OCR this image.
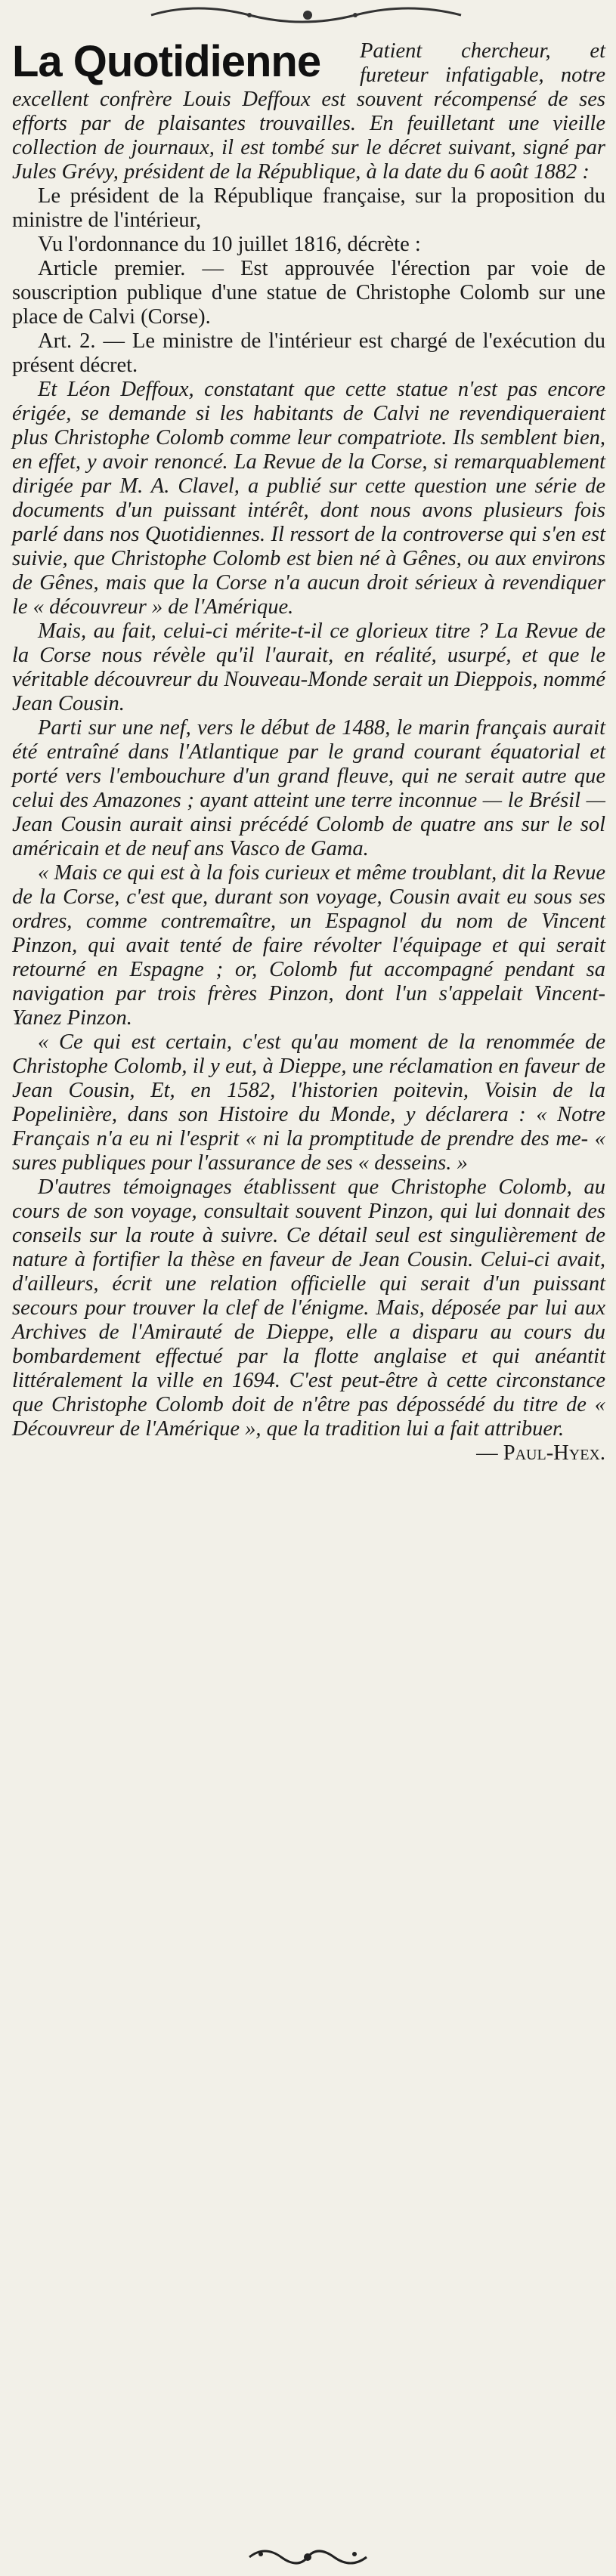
La Quotidienne	Patient chercheur, et fureteur infatigable, notre excellent confrère Louis Deffoux est souvent récompensé de ses efforts par de plaisantes trouvailles. En feuilletant une vieille collection de journaux, il est tombé sur le décret suivant, signé par Jules Grévy, président de la République, à la date du 6 août 1882 :

Le président de la République française, sur la proposition du ministre de l'intérieur,

Vu l'ordonnance du 10 juillet 1816, décrète :

Article premier. — Est approuvée l'érection par voie de souscription publique d'une statue de Christophe Colomb sur une place de Calvi (Corse).

Art. 2. — Le ministre de l'intérieur est chargé de l'exécution du présent décret.

Et Léon Deffoux, constatant que cette statue n'est pas encore érigée, se demande si les habitants de Calvi ne revendiqueraient plus Christophe Colomb comme leur compatriote. Ils semblent bien, en effet, y avoir renoncé. La Revue de la Corse, si remarquablement dirigée par M. A. Clavel, a publié sur cette question une série de documents d'un puissant intérêt, dont nous avons plusieurs fois parlé dans nos Quotidiennes. Il ressort de la controverse qui s'en est suivie, que Christophe Colomb est bien né à Gênes, ou aux environs de Gênes, mais que la Corse n'a aucun droit sérieux à revendiquer le « découvreur » de l'Amérique.

Mais, au fait, celui-ci mérite-t-il ce glorieux titre ? La Revue de la Corse nous révèle qu'il l'aurait, en réalité, usurpé, et que le véritable découvreur du Nouveau-Monde serait un Dieppois, nommé Jean Cousin.

Parti sur une nef, vers le début de 1488, le marin français aurait été entraîné dans l'Atlantique par le grand courant équatorial et porté vers l'embouchure d'un grand fleuve, qui ne serait autre que celui des Amazones ; ayant atteint une terre inconnue — le Brésil — Jean Cousin aurait ainsi précédé Colomb de quatre ans sur le sol américain et de neuf ans Vasco de Gama.

« Mais ce qui est à la fois curieux et même troublant, dit la Revue de la Corse, c'est que, durant son voyage, Cousin avait eu sous ses ordres, comme contremaître, un Espagnol du nom de Vincent Pinzon, qui avait tenté de faire révolter l'équipage et qui serait retourné en Espagne ; or, Colomb fut accompagné pendant sa navigation par trois frères Pinzon, dont l'un s'appelait Vincent-Yanez Pinzon.

« Ce qui est certain, c'est qu'au moment de la renommée de Christophe Colomb, il y eut, à Dieppe, une réclamation en faveur de Jean Cousin, Et, en 1582, l'historien poitevin, Voisin de la Popelinière, dans son Histoire du Monde, y déclarera : « Notre Français n'a eu ni l'esprit « ni la promptitude de prendre des me- « sures publiques pour l'assurance de ses « desseins. »

D'autres témoignages établissent que Christophe Colomb, au cours de son voyage, consultait souvent Pinzon, qui lui donnait des conseils sur la route à suivre. Ce détail seul est singulièrement de nature à fortifier la thèse en faveur de Jean Cousin. Celui-ci avait, d'ailleurs, écrit une relation officielle qui serait d'un puissant secours pour trouver la clef de l'énigme. Mais, déposée par lui aux Archives de l'Amirauté de Dieppe, elle a disparu au cours du bombardement effectué par la flotte anglaise et qui anéantit littéralement la ville en 1694. C'est peut-être à cette circonstance que Christophe Colomb doit de n'être pas dépossédé du titre de « Découvreur de l'Amérique », que la tradition lui a fait attribuer.

— Paul-Hyex.
